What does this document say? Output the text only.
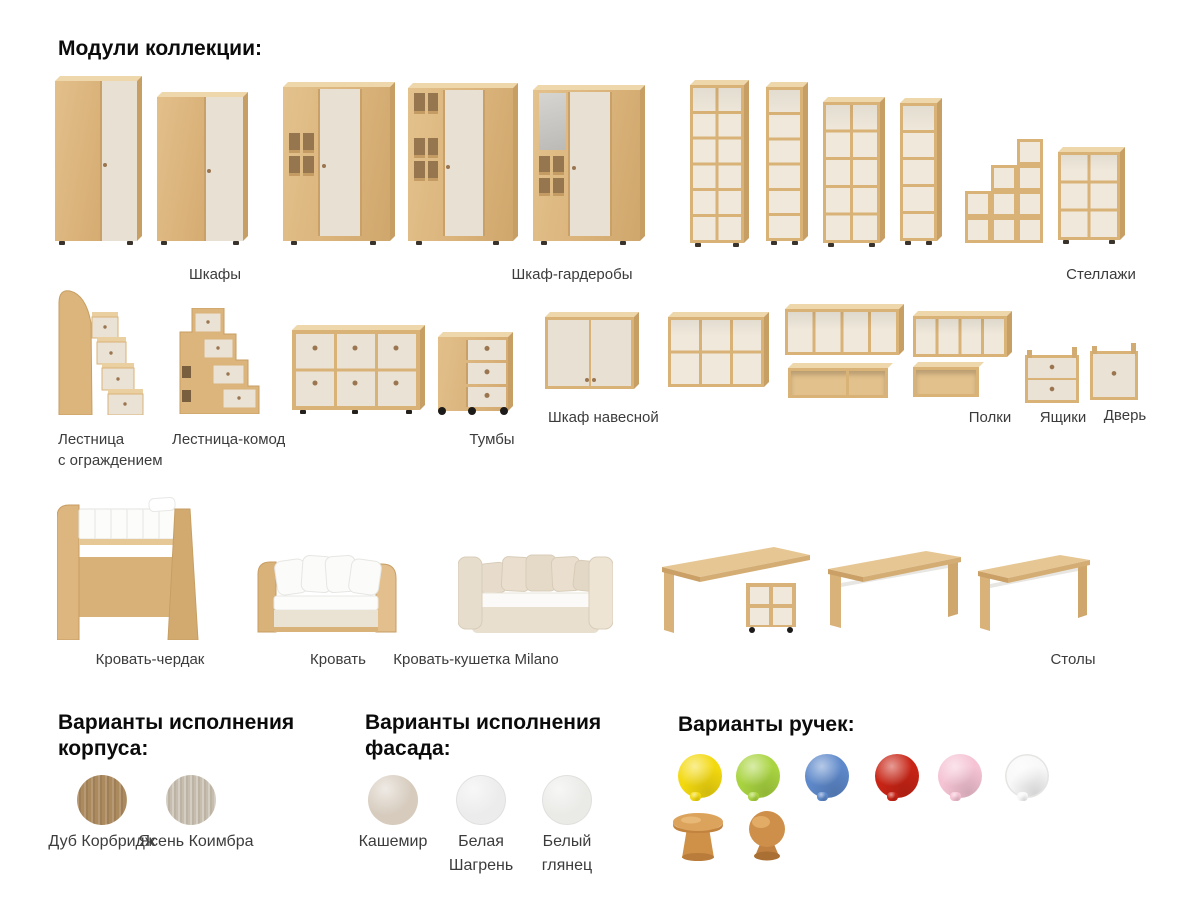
Модули коллекции:
Шкафы	Шкаф-гардеробы	Стеллажи
Лестница
с ограждением
Лестница-комод	Тумбы
Шкаф навесной	Полки Ящики Дверь
Кровать-чердак	Кровать Кровать-кушетка Milano	Столы
Варианты исполнения
корпуса:
Дуб Корбридж
Ясень Коимбра
Варианты исполнения
фасада:
Кашемир Белая
Шагрень
Белый
глянец
Варианты ручек:
